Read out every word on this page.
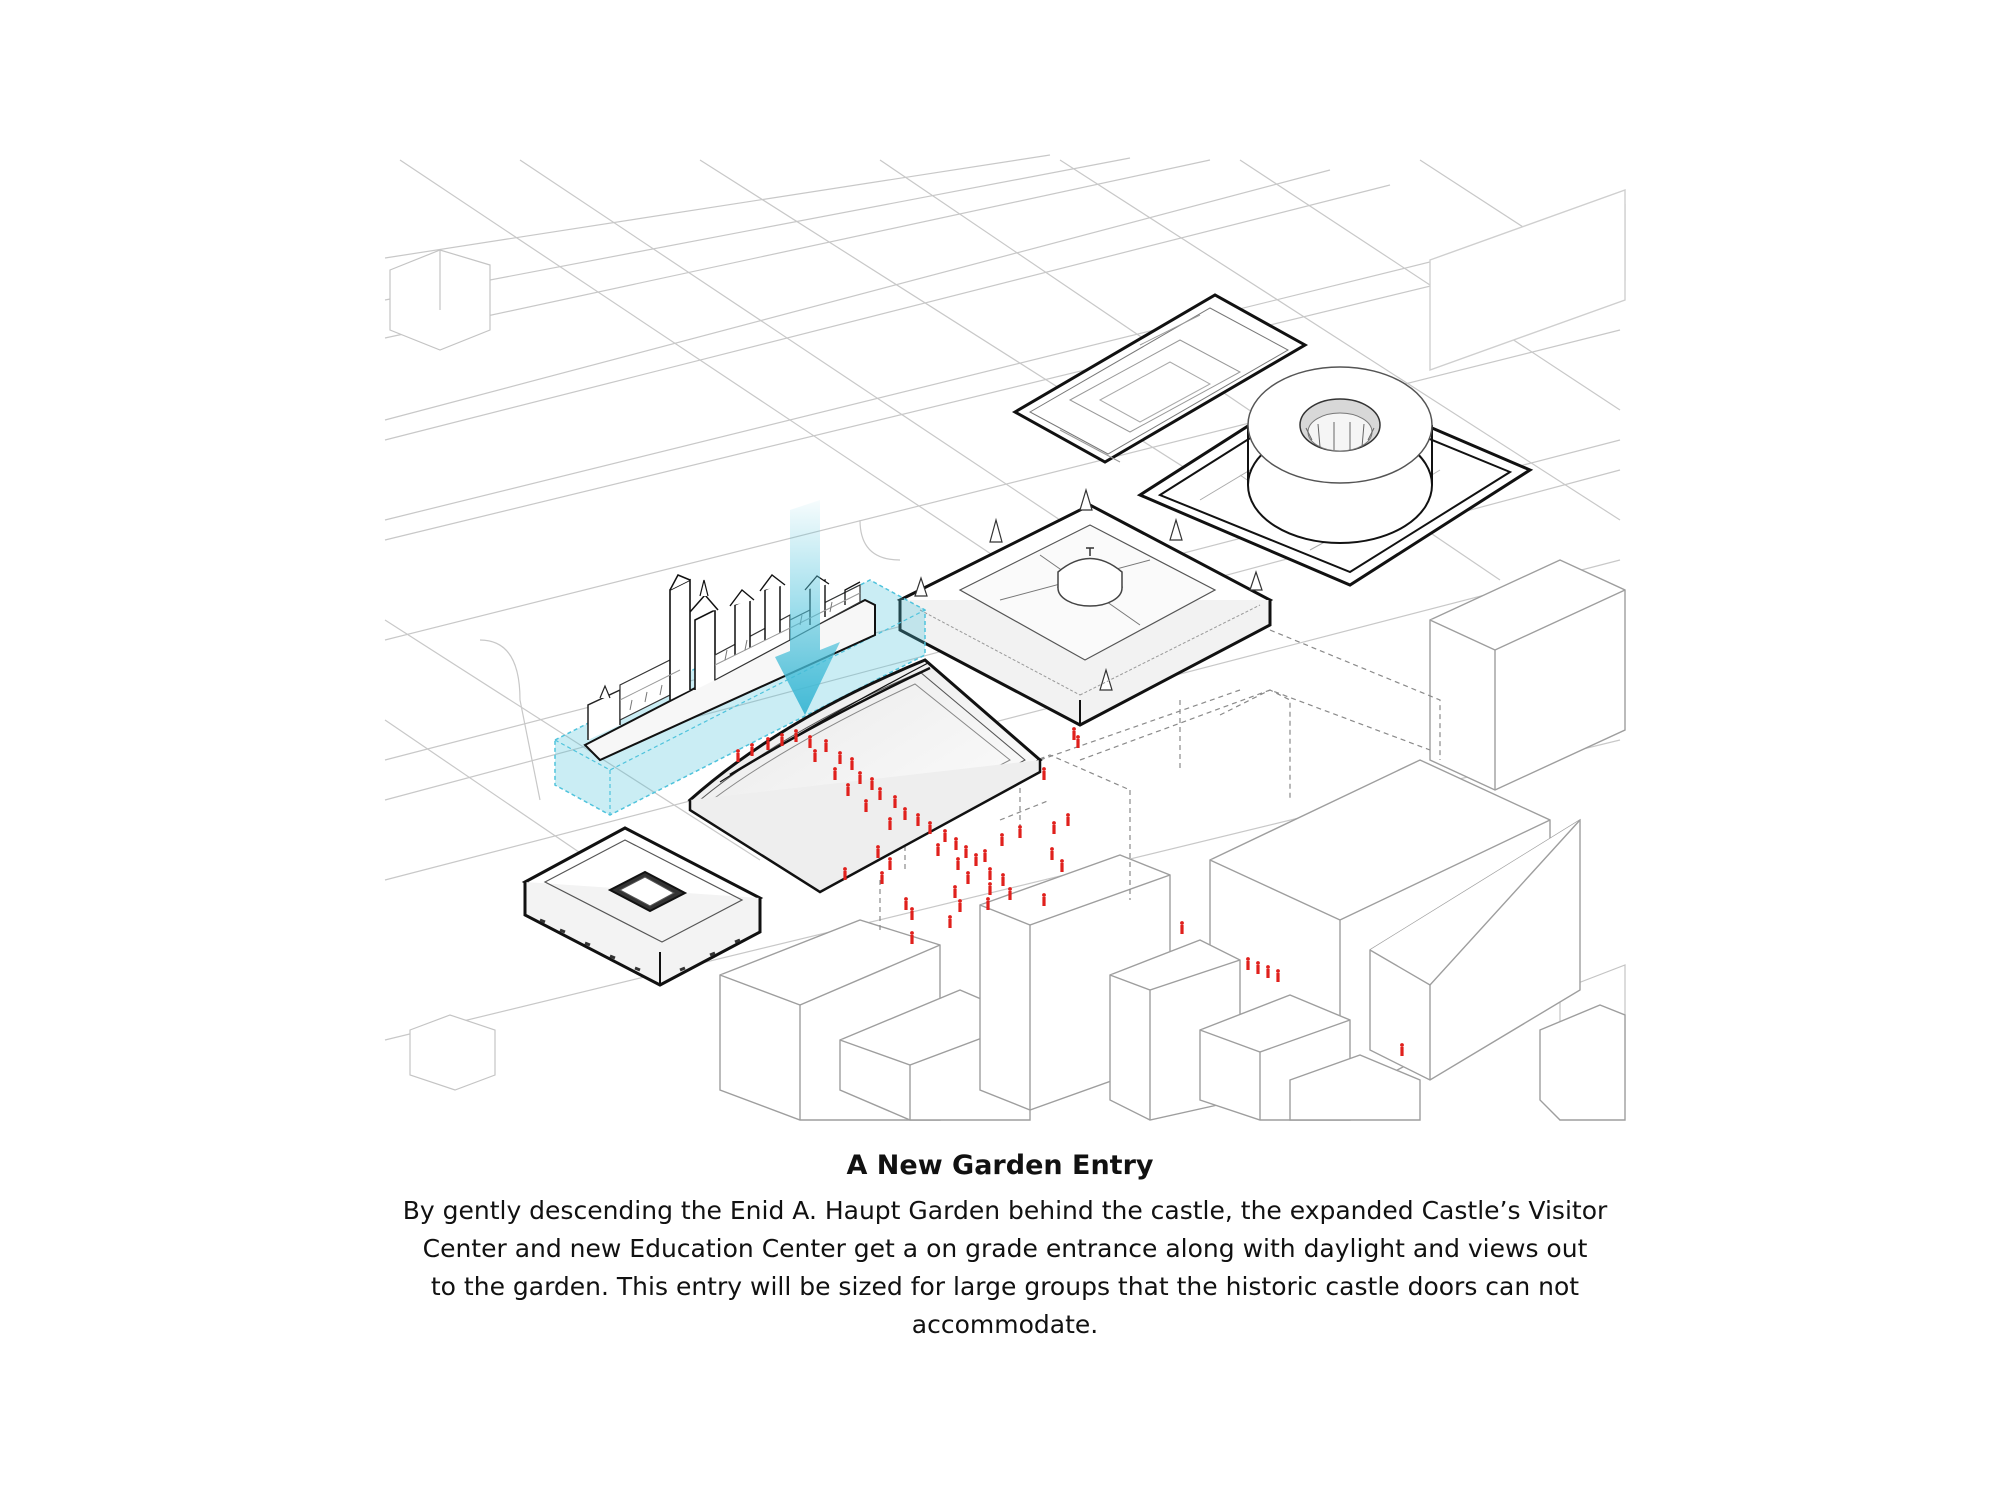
A New Garden Entry
By gently descending the Enid A. Haupt Garden behind the castle, the expanded Castle’s Visitor
Center and new Education Center get a on grade entrance along with daylight and views out
to the garden. This entry will be sized for large groups that the historic castle doors can not
accommodate.
